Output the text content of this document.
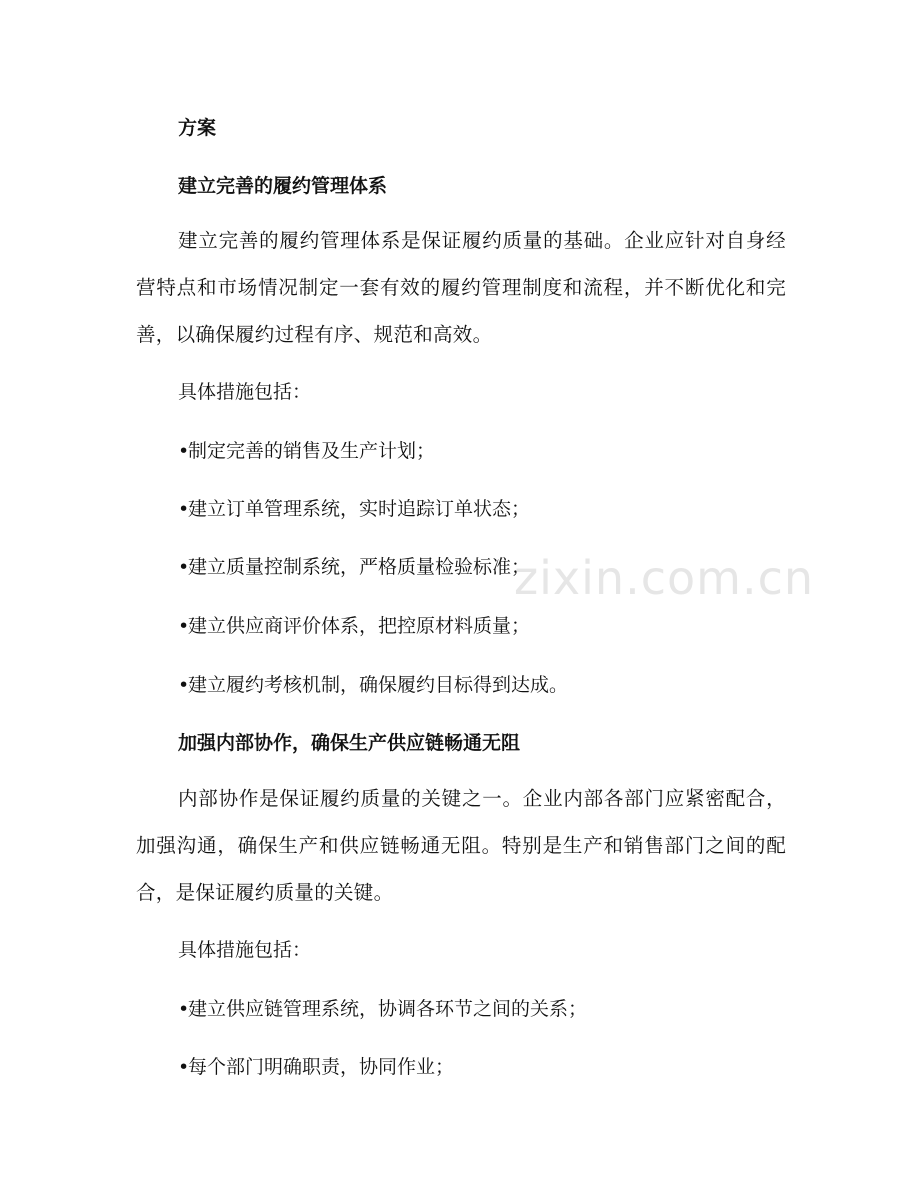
方案
建立完善的履约管理体系

建立完善的履约管理体系是保证履约质量的基础。企业应针对自身经营特点和市场情况制定一套有效的履约管理制度和流程，并不断优化和完善，以确保履约过程有序、规范和高效。

具体措施包括：
•制定完善的销售及生产计划；
•建立订单管理系统，实时追踪订单状态；
•建立质量控制系统，严格质量检验标准；
•建立供应商评价体系，把控原材料质量；
•建立履约考核机制，确保履约目标得到达成。
加强内部协作，确保生产供应链畅通无阻

内部协作是保证履约质量的关键之一。企业内部各部门应紧密配合，加强沟通，确保生产和供应链畅通无阻。特别是生产和销售部门之间的配合，是保证履约质量的关键。

具体措施包括：
•建立供应链管理系统，协调各环节之间的关系；
•每个部门明确职责，协同作业；
zixin.com.cn
